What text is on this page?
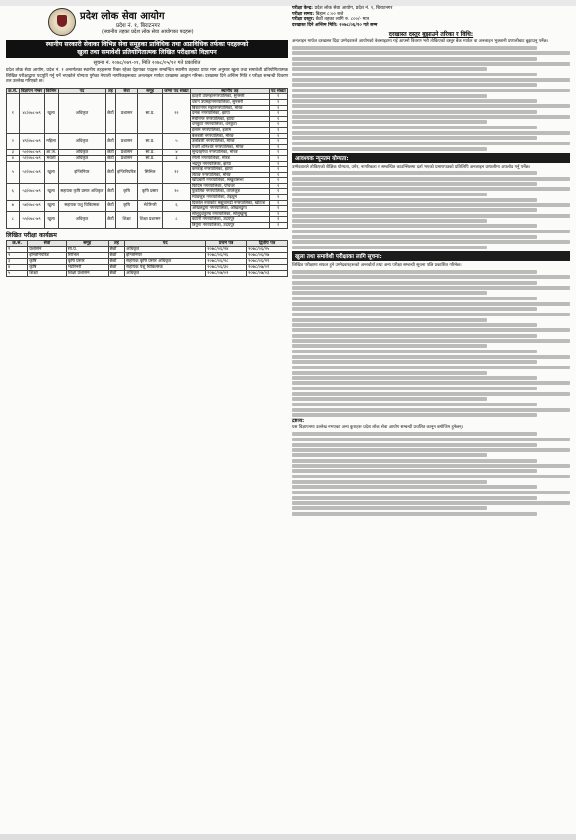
प्रदेश लोक सेवा आयोग
प्रदेश नं. १, बिराटनगर
(स्थानीय तहका प्रदेश लोक सेवा आयोगका पदहरू)
स्थानीय सरकारी सेवाका विभिन्न सेवा समूहका प्राविधिक तथा अप्राविधिक तर्फका पदहरूको
खुला तथा समावेशी प्रतियोगितात्मक लिखित परीक्षाको विज्ञापन
सूचना नं. २०७८/०७९-०१, मिति २०७८/०५/१२ गते प्रकाशित
प्रदेश लोक सेवा आयोग, प्रदेश नं. १ अन्तर्गतका स्थानीय तहहरूमा रिक्त रहेका देहायका पदहरू सम्बन्धित स्थानीय तहबाट प्राप्त माग अनुसार खुला तथा समावेशी प्रतियोगितात्मक लिखित परीक्षाद्वारा पदपूर्ति गर्नु पर्ने भएकोले योग्यता पुगेका नेपाली नागरिकहरूबाट अनलाइन मार्फत दरखास्त आह्वान गरिन्छ। दरखास्त दिने अन्तिम मिति र परीक्षा सम्बन्धी विवरण तल उल्लेख गरिएको छ।
क्र.सं.	विज्ञापन नम्बर	किसिम	पद	तह	सेवा	समूह	जम्मा पद संख्या	स्थानीय तह	पद संख्या
१	४८/०७८-७९	खुला	अधिकृत	छैठौं	प्रशासन	सा.प्र.	२२	इटहरी उपमहानगरपालिका, सुनसरी	१
								धरान उपमहानगरपालिका, सुनसरी	१
								बिराटनगर महानगरपालिका, मोरङ	१
								दमक नगरपालिका, झापा	१
								मेचीनगर नगरपालिका, झापा	१
								धनकुटा नगरपालिका, धनकुटा	१
								इलाम नगरपालिका, इलाम	१
२	४९/०७८-७९	महिला	अधिकृत	छैठौं	प्रशासन	सा.प्र.	५	बेलबारी नगरपालिका, मोरङ	१
								उर्लाबारी नगरपालिका, मोरङ	१
								पथरी शनिश्चरे नगरपालिका, मोरङ	१
३	५०/०७८-७९	आ.ज.	अधिकृत	छैठौं	प्रशासन	सा.प्र.	४	सुन्दरहरैंचा नगरपालिका, मोरङ	१
४	५१/०७८-७९	मधेशी	अधिकृत	छैठौं	प्रशासन	सा.प्र.	३	रंगेली नगरपालिका, मोरङ	१
५	५२/०७८-७९	खुला	इन्जिनियर	छैठौं	इन्जिनियरिङ	सिभिल	१२	भद्रपुर नगरपालिका, झापा	१
								कन्काई नगरपालिका, झापा	१
								लेटाङ नगरपालिका, मोरङ	१
								खाँदबारी नगरपालिका, संखुवासभा	१
६	५३/०७८-७९	खुला	सहायक कृषि प्रसार अधिकृत	छैठौं	कृषि	कृषि प्रसार	१०	फिदिम नगरपालिका, पाँचथर	१
								फुङलिङ नगरपालिका, ताप्लेजुङ	१
								म्याङलुङ नगरपालिका, तेह्रथुम	१
७	५४/०७८-७९	खुला	सहायक पशु चिकित्सक	छैठौं	कृषि	भेटेरिनरी	६	दिक्तेल रुपाकोट मझुवागढी नगरपालिका, खोटाङ	१
								ओखलढुंगा नगरपालिका, ओखलढुंगा	१
८	५५/०७८-७९	खुला	अधिकृत	छैठौं	शिक्षा	शिक्षा प्रशासन	८	सोलुदुधकुण्ड नगरपालिका, सोलुखुम्बु	१
								कटारी नगरपालिका, उदयपुर	१
								त्रियुगा नगरपालिका, उदयपुर	१
लिखित परीक्षा कार्यक्रम
क्र.सं.	सेवा	समूह	तह	पद	प्रथम पत्र	द्वितीय पत्र
१	प्रशासन	सा.प्र.	छैठौं	अधिकृत	२०७८/०६/२४	२०७८/०६/२५
२	इन्जिनियरिङ	सिभिल	छैठौं	इन्जिनियर	२०७८/०६/२६	२०७८/०६/२७
३	कृषि	कृषि प्रसार	छैठौं	सहायक कृषि प्रसार अधिकृत	२०७८/०६/२८	२०७८/०६/२९
४	कृषि	भेटेरिनरी	छैठौं	सहायक पशु चिकित्सक	२०७८/०६/३०	२०७८/०७/०१
५	शिक्षा	शिक्षा प्रशासन	छैठौं	अधिकृत	२०७८/०७/०२	२०७८/०७/०३
परीक्षा केन्द्र: प्रदेश लोक सेवा आयोग, प्रदेश नं. १, बिराटनगर
परीक्षा समय: बिहान ८:०० बजे
परीक्षा दस्तुर: छैठौं तहका लागि रु. ८००/- मात्र
दरखास्त दिने अन्तिम मिति: २०७८/०६/१० गते सम्म
दरखास्त दस्तुर बुझाउने तरिका र विधि:

अनलाइन मार्फत दरखास्त दिंदा उम्मेदवारले आयोगको वेबसाइटमा गई आफ्नो विवरण भरी तोकिएको दस्तुर बैंक मार्फत वा अनलाइन भुक्तानी प्रणालीबाट बुझाउनु पर्नेछ।

आवश्यक न्यूनतम योग्यता:

उम्मेदवारले तोकिएको शैक्षिक योग्यता, उमेर, नागरिकता र सम्बन्धित काउन्सिलमा दर्ता भएको प्रमाणपत्रको प्रतिलिपि अनलाइन प्रणालीमा अपलोड गर्नु पर्नेछ।

खुला तथा समावेशी परीक्षाका लागि सूचना:

लिखित परीक्षामा सफल हुने उम्मेदवारहरूको अन्तर्वार्ता तथा अन्य परीक्षा सम्बन्धी सूचना पछि प्रकाशित गरिनेछ।

द्रष्टव्य:

यस विज्ञापनमा उल्लेख नभएका अन्य कुराहरू प्रदेश लोक सेवा आयोग सम्बन्धी प्रचलित कानून बमोजिम हुनेछन्।
